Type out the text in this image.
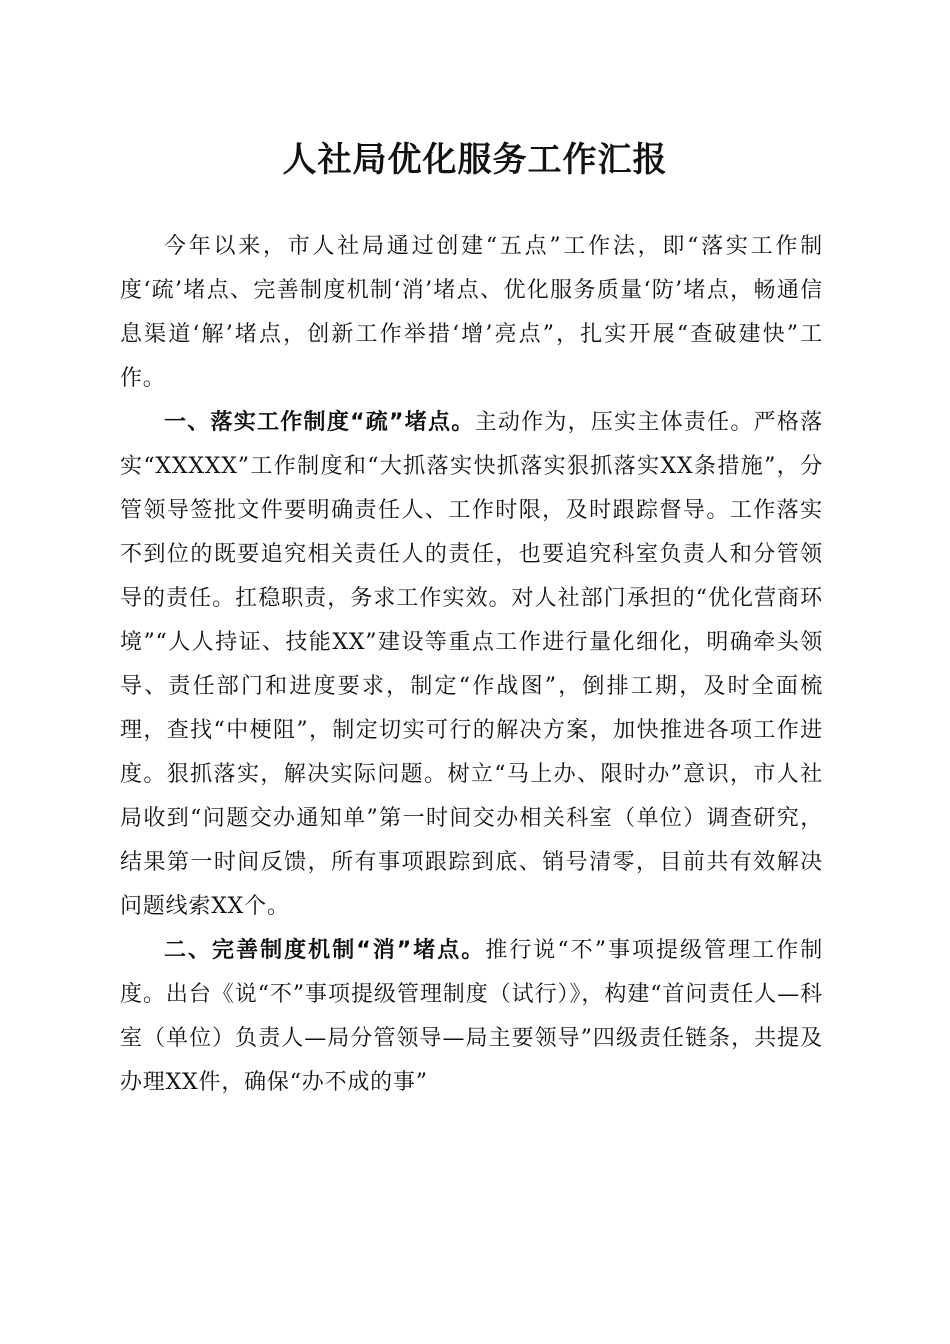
人社局优化服务工作汇报

今年以来，市人社局通过创建“五点”工作法，即“落实工作制度‘疏’堵点、完善制度机制‘消’堵点、优化服务质量‘防’堵点，畅通信息渠道‘解’堵点，创新工作举措‘增’亮点”，扎实开展“查破建快”工作。

一、落实工作制度“疏”堵点。主动作为，压实主体责任。严格落实“XXXXX”工作制度和“大抓落实快抓落实狠抓落实XX条措施”，分管领导签批文件要明确责任人、工作时限，及时跟踪督导。工作落实不到位的既要追究相关责任人的责任，也要追究科室负责人和分管领导的责任。扛稳职责，务求工作实效。对人社部门承担的“优化营商环境”“人人持证、技能XX”建设等重点工作进行量化细化，明确牵头领导、责任部门和进度要求，制定“作战图”，倒排工期，及时全面梳理，查找“中梗阻”，制定切实可行的解决方案，加快推进各项工作进度。狠抓落实，解决实际问题。树立“马上办、限时办”意识，市人社局收到“问题交办通知单”第一时间交办相关科室（单位）调查研究，结果第一时间反馈，所有事项跟踪到底、销号清零，目前共有效解决问题线索XX个。

二、完善制度机制“消”堵点。推行说“不”事项提级管理工作制度。出台《说“不”事项提级管理制度（试行）》，构建“首问责任人—科室（单位）负责人—局分管领导—局主要领导”四级责任链条，共提及办理XX件，确保“办不成的事”
